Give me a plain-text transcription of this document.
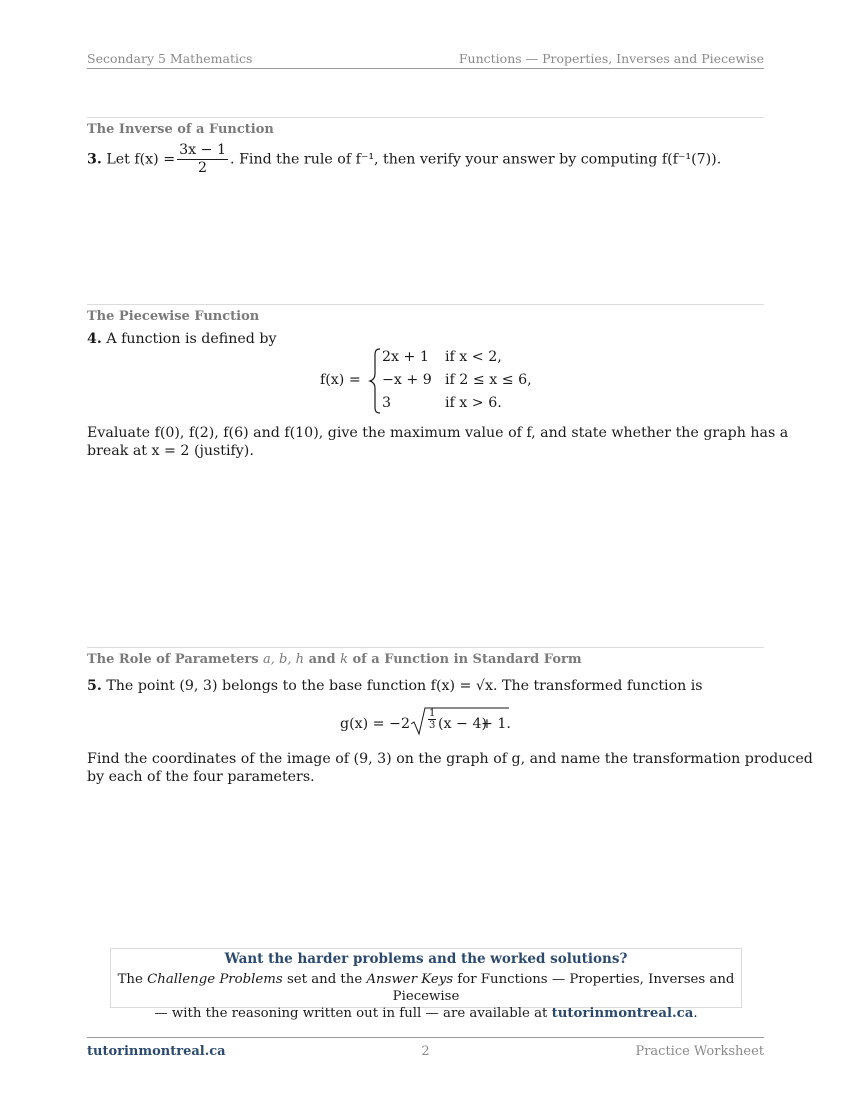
Secondary 5 Mathematics	Functions — Properties, Inverses and Piecewise
The Inverse of a Function
3. Let $f(x) = \frac{3x - 1}{2}$ . Find the rule of f⁻¹, then verify your answer by computing f(f⁻¹(7)).
The Piecewise Function
4. A function is defined by
f(x) =
2x + 1 if x < 2,
−x + 9 if 2 ≤ x ≤ 6,
3	if x > 6.
Evaluate f(0), f(2), f(6) and f(10), give the maximum value of f, and state whether the graph has a
break at x = 2 (justify).
The Role of Parameters a, b, h and k of a Function in Standard Form
5. The point (9, 3) belongs to the base function f(x) = √x. The transformed function is
$g(x) = -2 \frac{1}{3} (x - 4)$
+ 1.
Find the coordinates of the image of (9, 3) on the graph of g, and name the transformation produced
by each of the four parameters.
Want the harder problems and the worked solutions?
The Challenge Problems set and the Answer Keys for Functions — Properties, Inverses and Piecewise
— with the reasoning written out in full — are available at tutorinmontreal.ca.
tutorinmontreal.ca	2	Practice Worksheet
